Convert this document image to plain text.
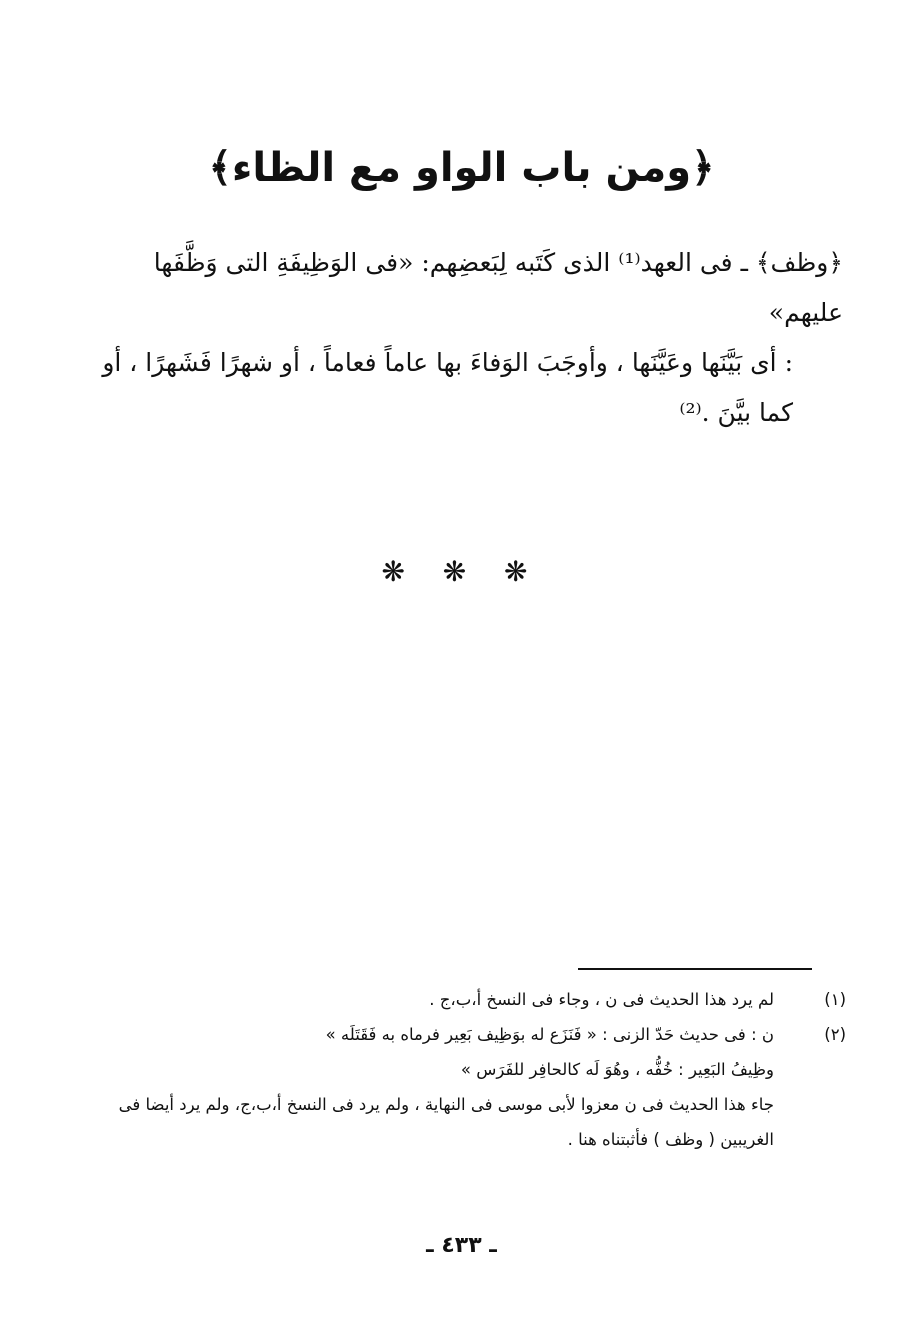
﴿ومن باب الواو مع الظاء﴾

﴿وظف﴾ ـ فى العهد⁽¹⁾ الذى كَتَبه لِبَعضِهم: «فى الوَظِيفَةِ التى وَظَّفَها عليهم»

: أى بَيَّنَها وعَيَّنَها ، وأوجَبَ الوَفاءَ بها عاماً فعاماً ، أو شهرًا فَشَهرًا ، أو كما بيَّنَ .⁽²⁾

❋ ❋ ❋
(١)
لم يرد هذا الحديث فى ن ، وجاء فى النسخ أ،ب،ج .
(٢)
ن : فى حديث حَدّ الزنى : « فَنَزَع له بوَظِيف بَعِير فرماه به فَقَتَلَه »
وظِيفُ البَعِير : خُفُّه ، وهُوَ لَه كالحافِر للفَرَس »
جاء هذا الحديث فى ن معزوا لأبى موسى فى النهاية ، ولم يرد فى النسخ أ،ب،ج، ولم يرد أيضا فى الغريبين ( وظف ) فأثبتناه هنا .
ـ ٤٣٣ ـ
